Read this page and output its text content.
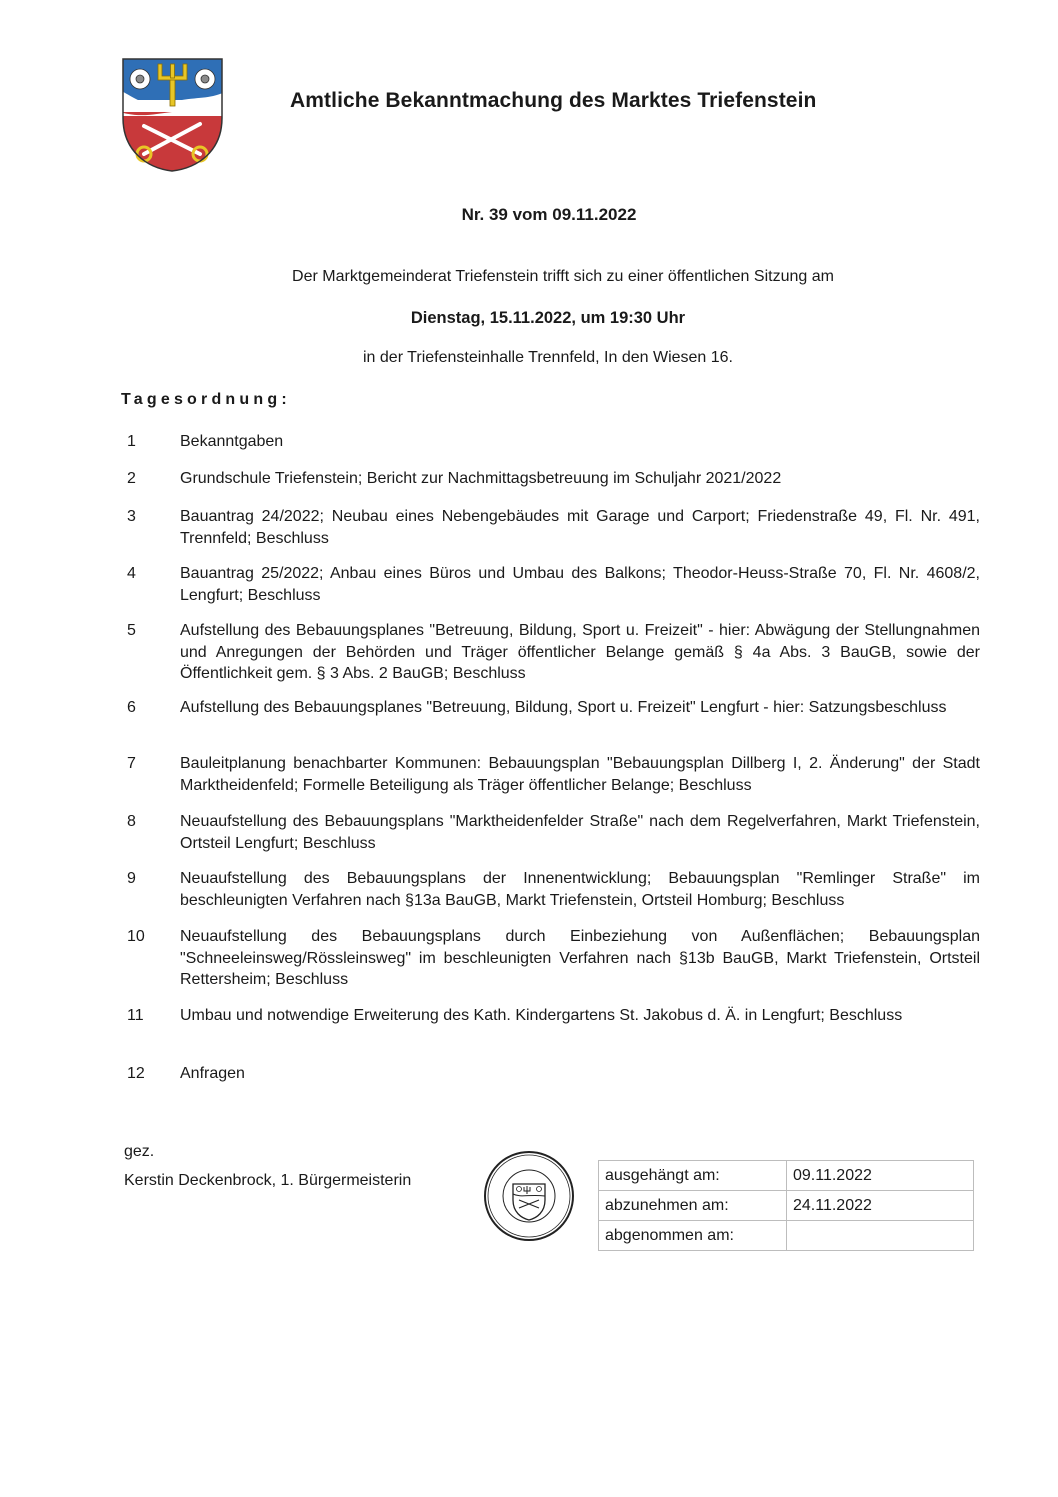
Amtliche Bekanntmachung des Marktes Triefenstein
Nr. 39 vom 09.11.2022
Der Marktgemeinderat Triefenstein trifft sich zu einer öffentlichen Sitzung am
Dienstag, 15.11.2022, um 19:30 Uhr
in der Triefensteinhalle Trennfeld, In den Wiesen 16.
Tagesordnung:
1	Bekanntgaben
2	Grundschule Triefenstein; Bericht zur Nachmittagsbetreuung im Schuljahr 2021/2022
3	Bauantrag 24/2022; Neubau eines Nebengebäudes mit Garage und Carport; Friedenstraße 49, Fl. Nr. 491, Trennfeld; Beschluss
4	Bauantrag 25/2022; Anbau eines Büros und Umbau des Balkons; Theodor-Heuss-Straße 70, Fl. Nr. 4608/2, Lengfurt; Beschluss
5	Aufstellung des Bebauungsplanes "Betreuung, Bildung, Sport u. Freizeit" - hier: Abwägung der Stellungnahmen und Anregungen der Behörden und Träger öffentlicher Belange gemäß § 4a Abs. 3 BauGB, sowie der Öffentlichkeit gem. § 3 Abs. 2 BauGB; Beschluss
6	Aufstellung des Bebauungsplanes "Betreuung, Bildung, Sport u. Freizeit" Lengfurt - hier: Satzungsbeschluss
7	Bauleitplanung benachbarter Kommunen: Bebauungsplan "Bebauungsplan Dillberg I, 2. Änderung" der Stadt Marktheidenfeld; Formelle Beteiligung als Träger öffentlicher Belange; Beschluss
8	Neuaufstellung des Bebauungsplans "Marktheidenfelder Straße" nach dem Regelverfahren, Markt Triefenstein, Ortsteil Lengfurt; Beschluss
9	Neuaufstellung des Bebauungsplans der Innenentwicklung; Bebauungsplan "Remlinger Straße" im beschleunigten Verfahren nach §13a BauGB, Markt Triefenstein, Ortsteil Homburg; Beschluss
10	Neuaufstellung des Bebauungsplans durch Einbeziehung von Außenflächen; Bebauungsplan "Schneeleinsweg/Rössleinsweg" im beschleunigten Verfahren nach §13b BauGB, Markt Triefenstein, Ortsteil Rettersheim; Beschluss
11	Umbau und notwendige Erweiterung des Kath. Kindergartens St. Jakobus d. Ä. in Lengfurt; Beschluss
12	Anfragen
gez.
Kerstin Deckenbrock, 1. Bürgermeisterin	ausgehängt am:	09.11.2022
abzunehmen am:	24.11.2022
abgenommen am:	
